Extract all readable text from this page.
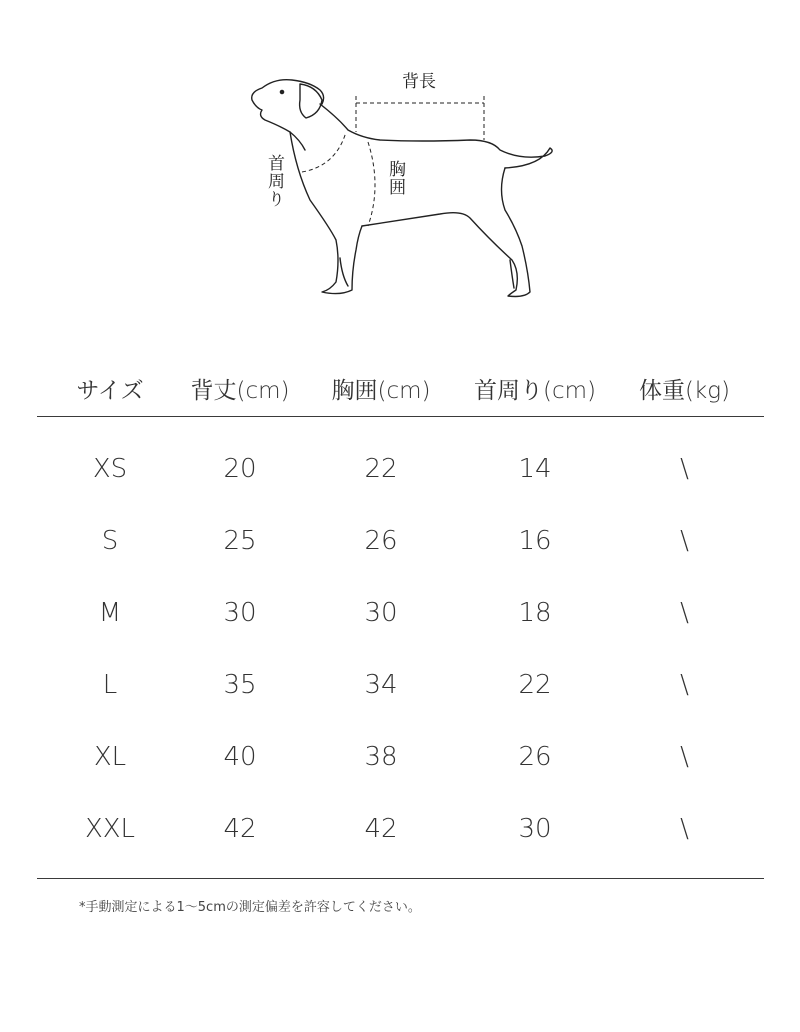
背長
胸囲
首周り
サイズ	背丈(cm)	胸囲(cm)	首周り(cm)	体重(kg)
XS	20	22	14	\
S	25	26	16	\
M	30	30	18	\
L	35	34	22	\
XL	40	38	26	\
XXL	42	42	30	\
*手動測定による1〜5cmの測定偏差を許容してください。
